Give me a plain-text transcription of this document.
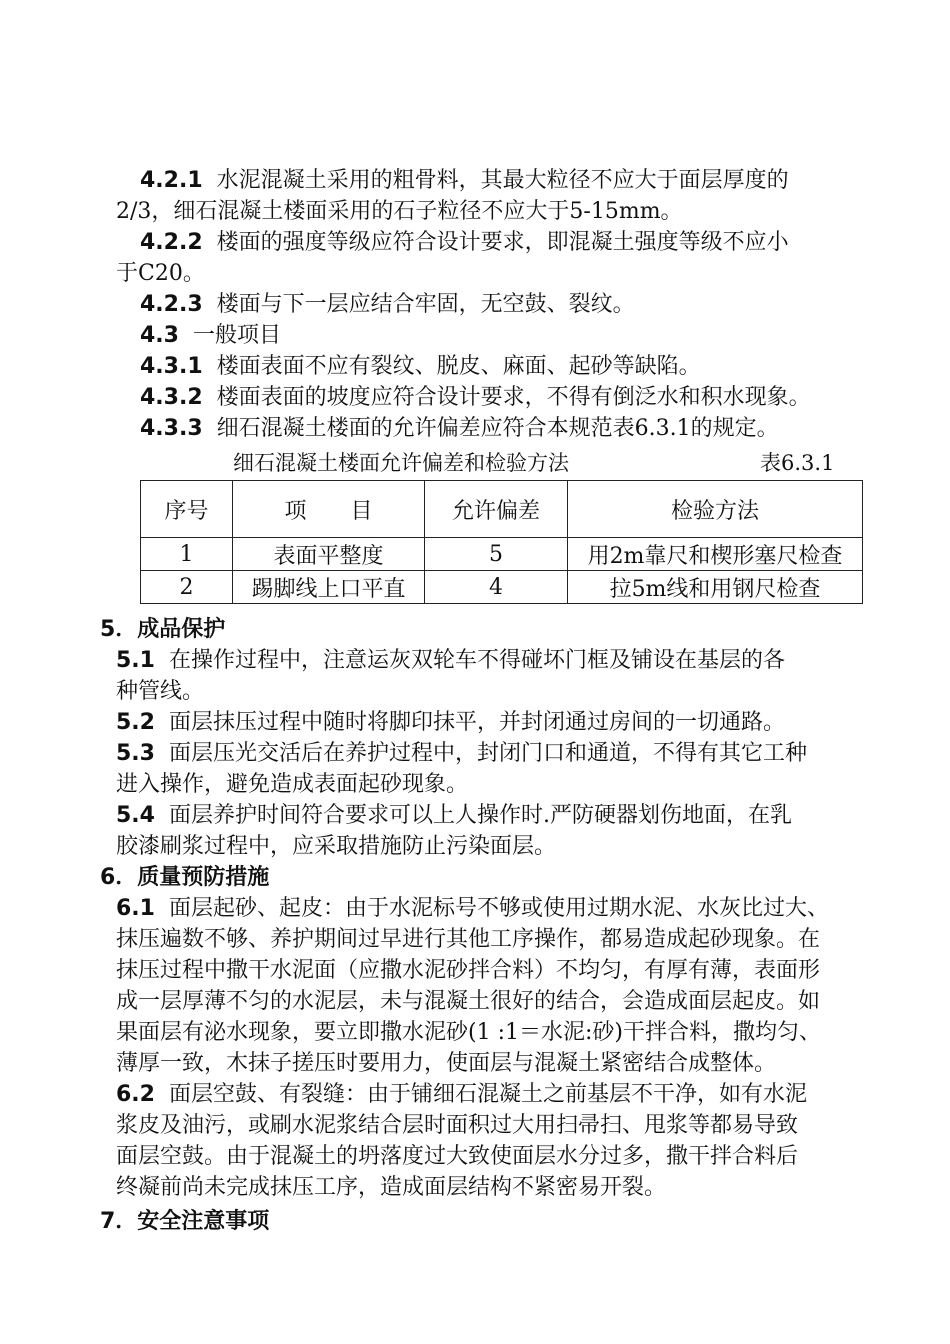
4.2.1 水泥混凝土采用的粗骨料，其最大粒径不应大于面层厚度的
2/3，细石混凝土楼面采用的石子粒径不应大于5-15mm。
4.2.2 楼面的强度等级应符合设计要求，即混凝土强度等级不应小
于C20。
4.2.3 楼面与下一层应结合牢固，无空鼓、裂纹。
4.3 一般项目
4.3.1 楼面表面不应有裂纹、脱皮、麻面、起砂等缺陷。
4.3.2 楼面表面的坡度应符合设计要求，不得有倒泛水和积水现象。
4.3.3 细石混凝土楼面的允许偏差应符合本规范表6.3.1的规定。
细石混凝土楼面允许偏差和检验方法	表6.3.1
序号	项　　目	允许偏差	检验方法
1	表面平整度	5	用2m靠尺和楔形塞尺检查
2	踢脚线上口平直	4	拉5m线和用钢尺检查
5．成品保护
5.1 在操作过程中，注意运灰双轮车不得碰坏门框及铺设在基层的各
种管线。
5.2 面层抹压过程中随时将脚印抹平，并封闭通过房间的一切通路。
5.3 面层压光交活后在养护过程中，封闭门口和通道，不得有其它工种
进入操作，避免造成表面起砂现象。
5.4 面层养护时间符合要求可以上人操作时.严防硬器划伤地面，在乳
胶漆刷浆过程中，应采取措施防止污染面层。
6．质量预防措施
6.1 面层起砂、起皮：由于水泥标号不够或使用过期水泥、水灰比过大、
抹压遍数不够、养护期间过早进行其他工序操作，都易造成起砂现象。在
抹压过程中撒干水泥面（应撒水泥砂拌合料）不均匀，有厚有薄，表面形
成一层厚薄不匀的水泥层，未与混凝土很好的结合，会造成面层起皮。如
果面层有泌水现象，要立即撒水泥砂(1 :1＝水泥:砂)干拌合料，撒均匀、
薄厚一致，木抹子搓压时要用力，使面层与混凝土紧密结合成整体。
6.2 面层空鼓、有裂缝：由于铺细石混凝土之前基层不干净，如有水泥
浆皮及油污，或刷水泥浆结合层时面积过大用扫帚扫、甩浆等都易导致
面层空鼓。由于混凝土的坍落度过大致使面层水分过多，撒干拌合料后
终凝前尚未完成抹压工序，造成面层结构不紧密易开裂。
7．安全注意事项
